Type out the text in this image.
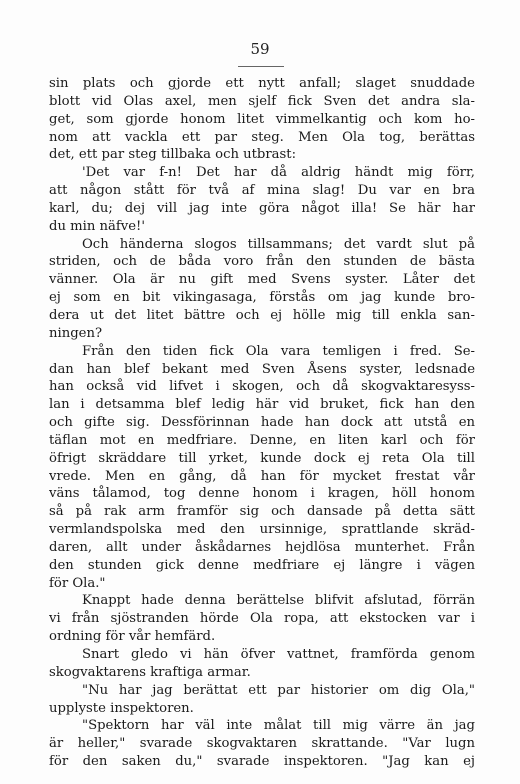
59
sin plats och gjorde ett nytt anfall; slaget snuddade
blott vid Olas axel, men sjelf fick Sven det andra sla-
get, som gjorde honom litet vimmelkantig och kom ho-
nom att vackla ett par steg. Men Ola tog, berättas
det, ett par steg tillbaka och utbrast:
'Det var f-n! Det har då aldrig händt mig förr,
att någon stått för två af mina slag! Du var en bra
karl, du; dej vill jag inte göra något illa! Se här har
du min näfve!'
Och händerna slogos tillsammans; det vardt slut på
striden, och de båda voro från den stunden de bästa
vänner. Ola är nu gift med Svens syster. Låter det
ej som en bit vikingasaga, förstås om jag kunde bro-
dera ut det litet bättre och ej hölle mig till enkla san-
ningen?
Från den tiden fick Ola vara temligen i fred. Se-
dan han blef bekant med Sven Åsens syster, ledsnade
han också vid lifvet i skogen, och då skogvaktaresyss-
lan i detsamma blef ledig här vid bruket, fick han den
och gifte sig. Dessförinnan hade han dock att utstå en
täflan mot en medfriare. Denne, en liten karl och för
öfrigt skräddare till yrket, kunde dock ej reta Ola till
vrede. Men en gång, då han för mycket frestat vår
väns tålamod, tog denne honom i kragen, höll honom
så på rak arm framför sig och dansade på detta sätt
vermlandspolska med den ursinnige, sprattlande skräd-
daren, allt under åskådarnes hejdlösa munterhet. Från
den stunden gick denne medfriare ej längre i vägen
för Ola."
Knappt hade denna berättelse blifvit afslutad, förrän
vi från sjöstranden hörde Ola ropa, att ekstocken var i
ordning för vår hemfärd.
Snart gledo vi hän öfver vattnet, framförda genom
skogvaktarens kraftiga armar.
"Nu har jag berättat ett par historier om dig Ola,"
upplyste inspektoren.
"Spektorn har väl inte målat till mig värre än jag
är heller," svarade skogvaktaren skrattande. "Var lugn
för den saken du," svarade inspektoren. "Jag kan ej
